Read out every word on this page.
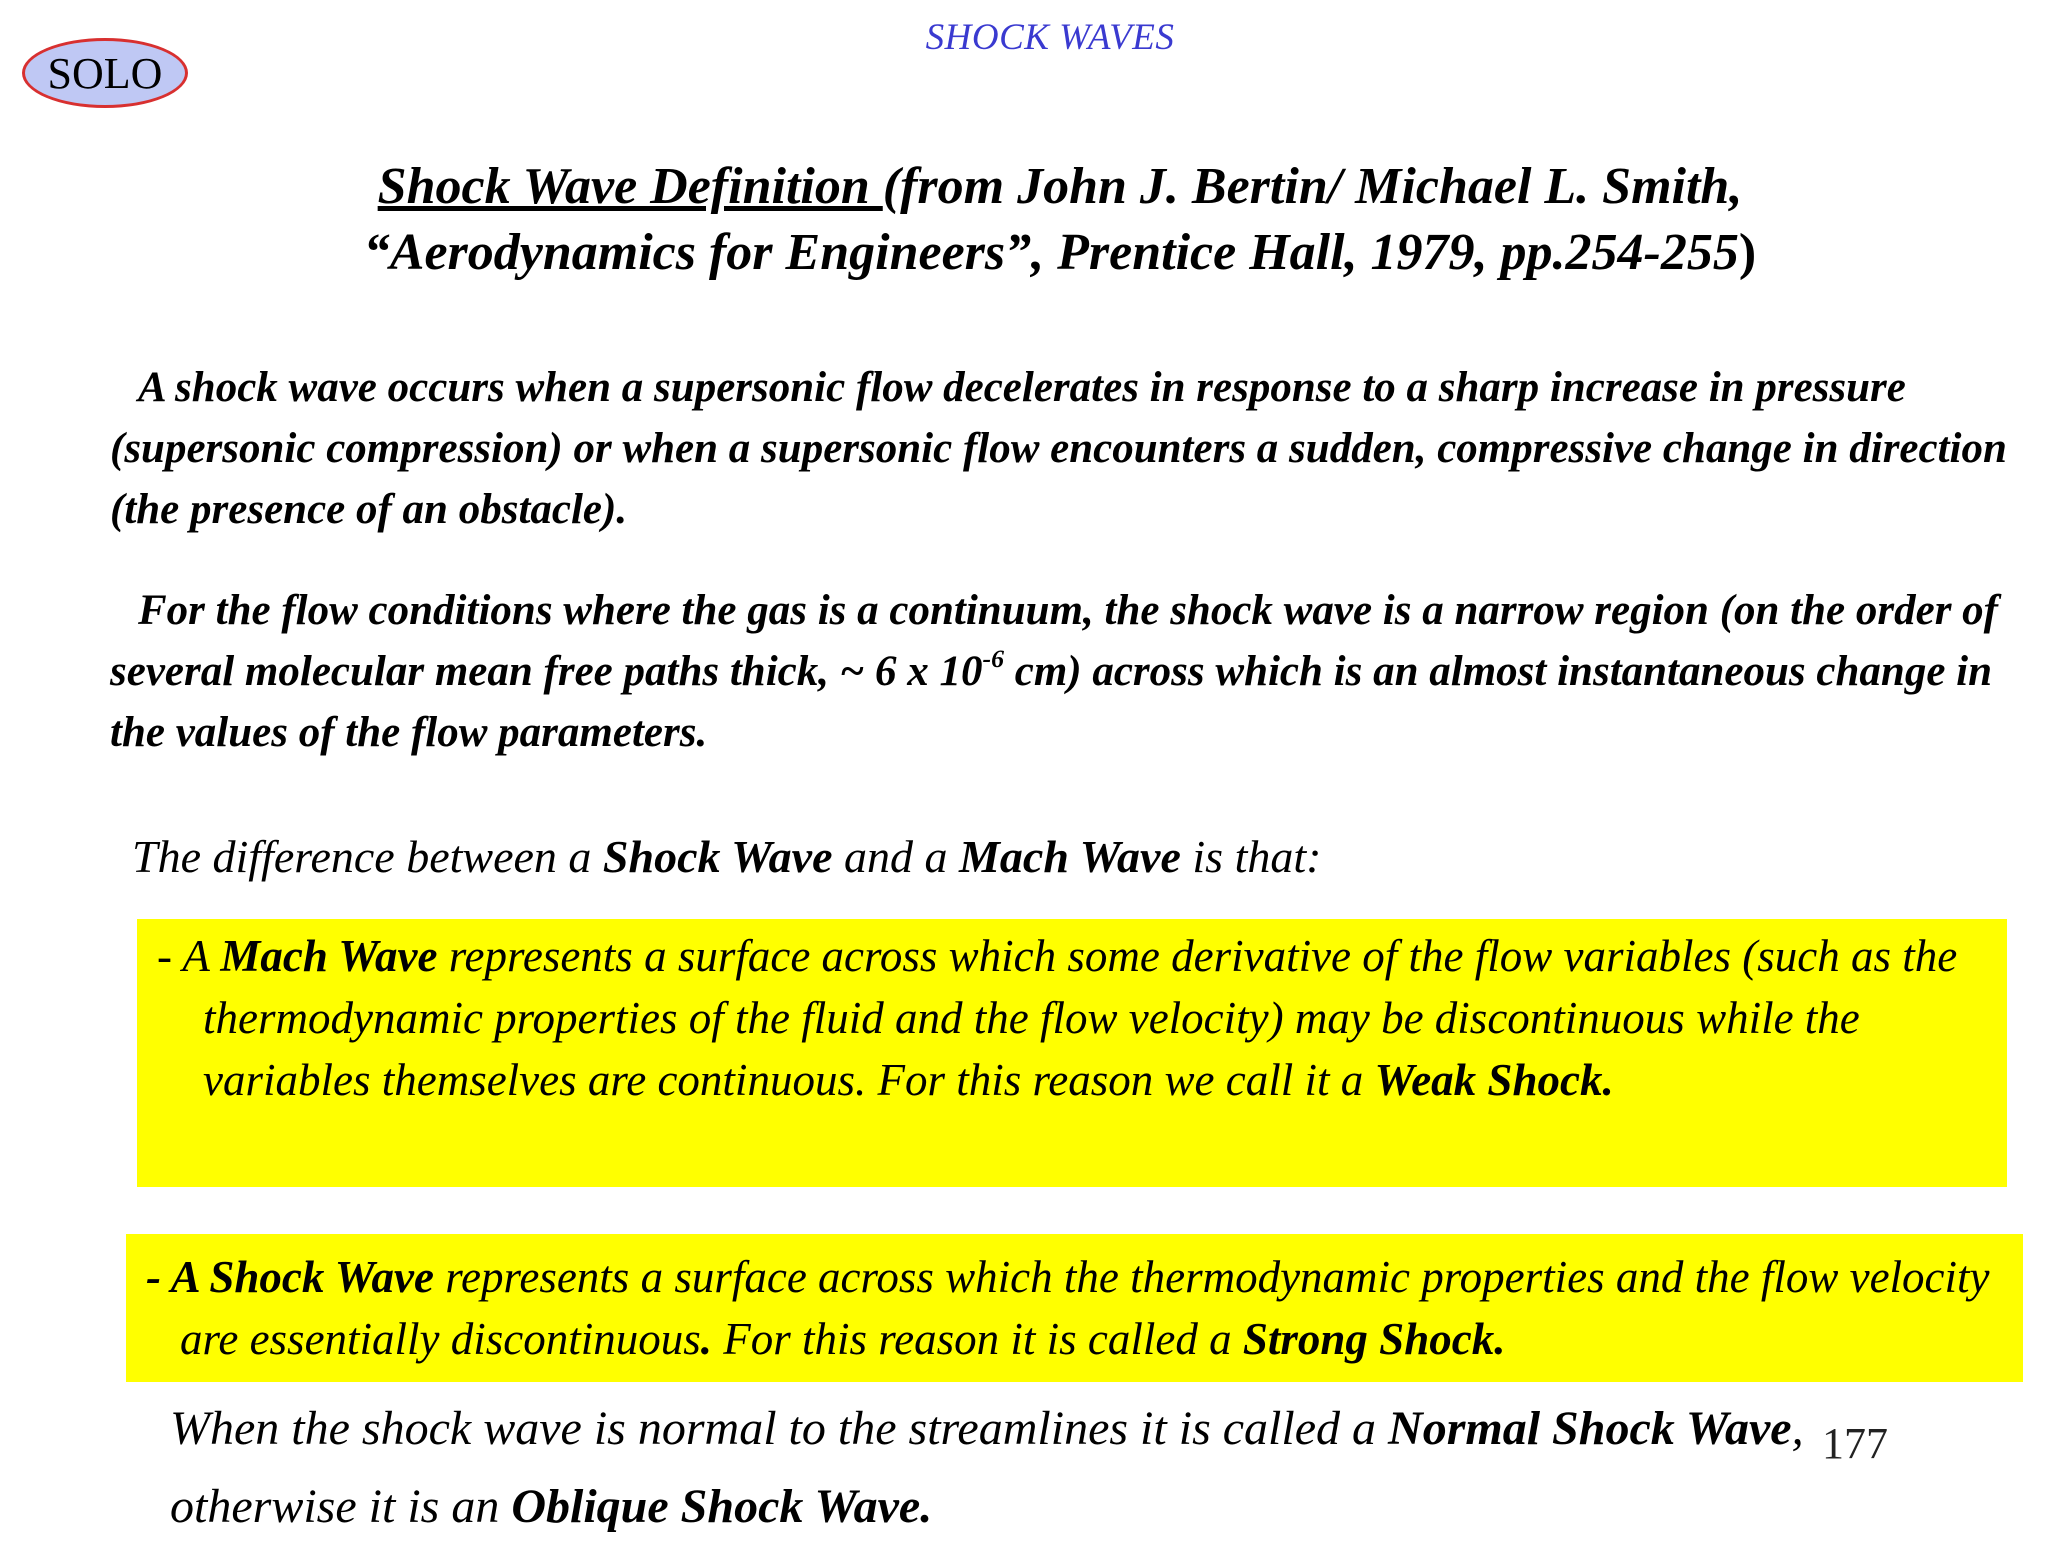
SOLO
SHOCK WAVES
Shock Wave Definition (from John J. Bertin/ Michael L. Smith,
“Aerodynamics for Engineers”, Prentice Hall, 1979, pp.254-255)
A shock wave occurs when a supersonic flow decelerates in response to a sharp increase in pressure (supersonic compression) or when a supersonic flow encounters a sudden, compressive change in direction (the presence of an obstacle).
For the flow conditions where the gas is a continuum, the shock wave is a narrow region (on the order of several molecular mean free paths thick, ~ 6 x $10^{-6}$ cm) across which is an almost instantaneous change in the values of the flow parameters.
The difference between a Shock Wave and a Mach Wave is that:
- A Mach Wave represents a surface across which some derivative of the flow variables (such as the thermodynamic properties of the fluid and the flow velocity) may be discontinuous while the variables themselves are continuous. For this reason we call it a Weak Shock.
- A Shock Wave represents a surface across which the thermodynamic properties and the flow velocity are essentially discontinuous. For this reason it is called a Strong Shock.
When the shock wave is normal to the streamlines it is called a Normal Shock Wave, otherwise it is an Oblique Shock Wave.
177
